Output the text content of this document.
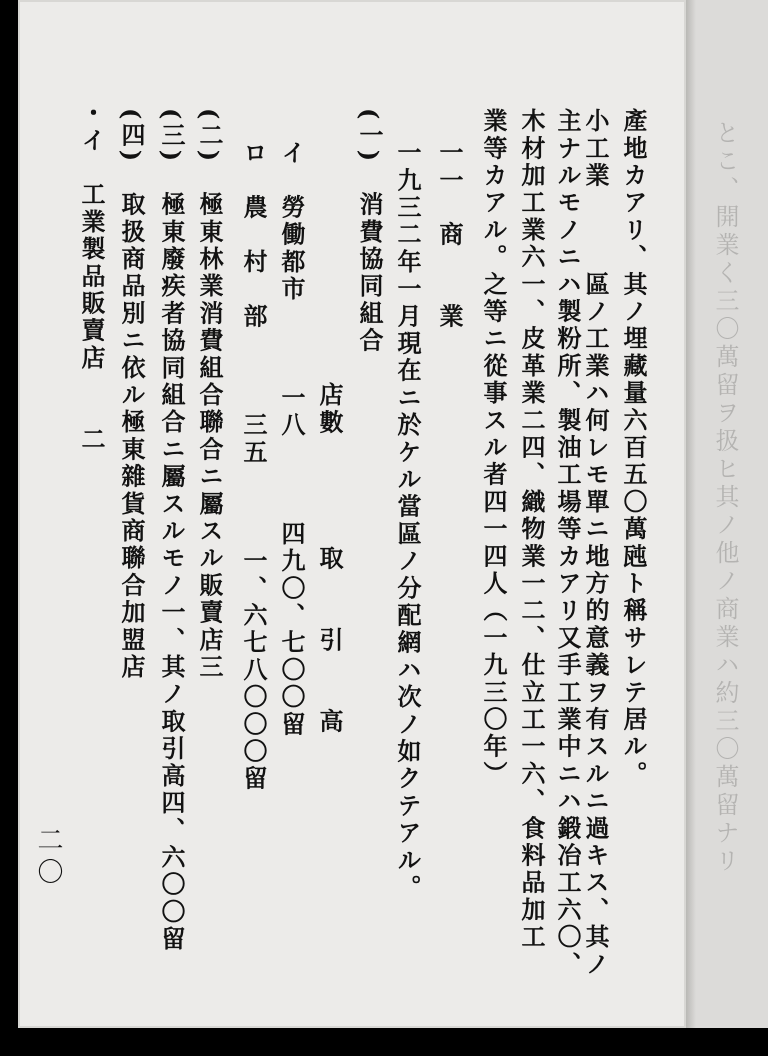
とこ、開業く三〇萬留ヲ扱ヒ其ノ他ノ商業ハ約三〇萬留ナリ
產地カアリ、其ノ埋藏量六百五〇萬瓲ト稱サレテ居ル。
小工業　　　區ノ工業ハ何レモ單ニ地方的意義ヲ有スルニ過キス、其ノ
主ナルモノニハ製粉所、製油工場等カアリ又手工業中ニハ鍛冶工六〇、
木材加工業六一、皮革業二四、織物業一二、仕立工一六、食料品加工
業等カアル。之等ニ從事スル者四一四人（一九三〇年）
一一　商　　業
一九三二年一月現在ニ於ケル當區ノ分配網ハ次ノ如クテアル。
(一)　消費協同組合
店數　　　　取　　引　　高
イ　勞働都市　　　一八　　　四九〇、七〇〇留
ロ　農　村　部　　　三五　　　一、六七八〇〇〇留
(二)　極東林業消費組合聯合ニ屬スル販賣店三
(三)　極東廢疾者協同組合ニ屬スルモノ一、其ノ取引高四、六〇〇留
(四)　取扱商品別ニ依ル極東雜貨商聯合加盟店
・イ　工業製品販賣店　　二
二〇
